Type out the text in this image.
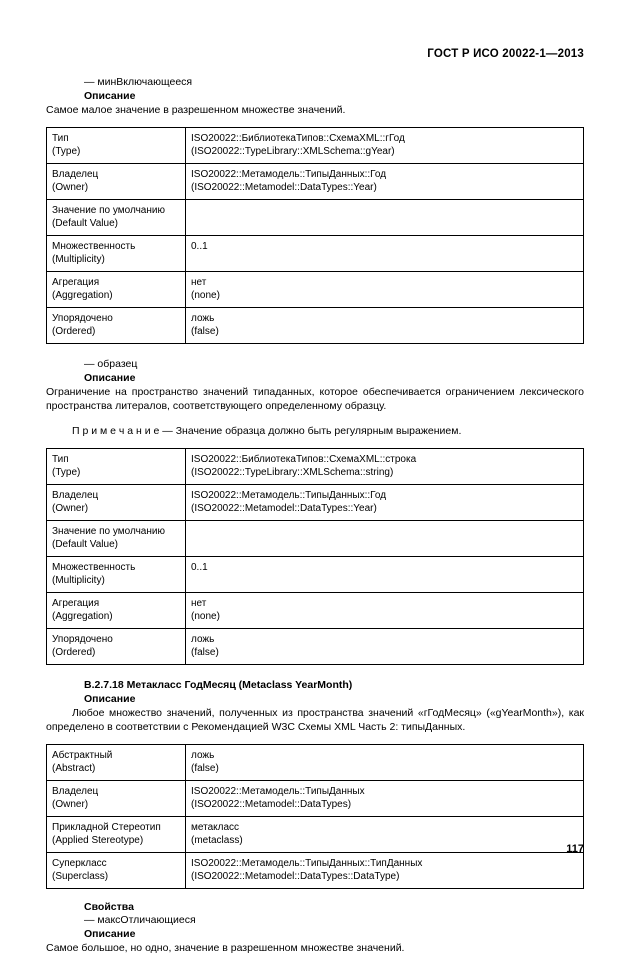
ГОСТ Р ИСО 20022-1—2013
— минВключающееся
Описание
Самое малое значение в разрешенном множестве значений.
Тип
(Type)	ISO20022::БиблиотекаТипов::СхемаXML::гГод
(ISO20022::TypeLibrary::XMLSchema::gYear)

Владелец
(Owner)	ISO20022::Метамодель::ТипыДанных::Год
(ISO20022::Metamodel::DataTypes::Year)

Значение по умолчанию
(Default Value)	

Множественность
(Multiplicity)	0..1

Агрегация
(Aggregation)	нет
(none)

Упорядочено
(Ordered)	ложь
(false)
— образец
Описание
Ограничение на пространство значений типаданных, которое обеспечивается ограничением лексического пространства литералов, соответствующего определенному образцу.
П р и м е ч а н и е — Значение образца должно быть регулярным выражением.
Тип
(Type)	ISO20022::БиблиотекаТипов::СхемаXML::строка
(ISO20022::TypeLibrary::XMLSchema::string)

Владелец
(Owner)	ISO20022::Метамодель::ТипыДанных::Год
(ISO20022::Metamodel::DataTypes::Year)

Значение по умолчанию
(Default Value)	

Множественность
(Multiplicity)	0..1

Агрегация
(Aggregation)	нет
(none)

Упорядочено
(Ordered)	ложь
(false)
В.2.7.18 Метакласс ГодМесяц (Metaclass YearMonth)
Описание
Любое множество значений, полученных из пространства значений «гГодМесяц» («gYearMonth»), как определено в соответствии с Рекомендацией W3C Схемы XML Часть 2: типыДанных.
Абстрактный
(Abstract)	ложь
(false)

Владелец
(Owner)	ISO20022::Метамодель::ТипыДанных
(ISO20022::Metamodel::DataTypes)

Прикладной Стереотип
(Applied Stereotype)	метакласс
(metaclass)

Суперкласс
(Superclass)	ISO20022::Метамодель::ТипыДанных::ТипДанных
(ISO20022::Metamodel::DataTypes::DataType)
Свойства
— максОтличающиеся
Описание
Самое большое, но одно, значение в разрешенном множестве значений.
117
